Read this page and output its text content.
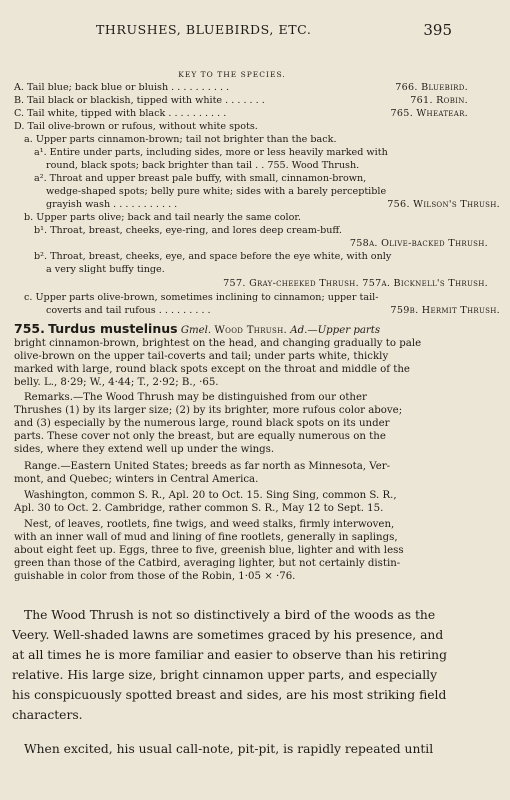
THRUSHES, BLUEBIRDS, ETC.	395
KEY TO THE SPECIES.
A. Tail blue; back blue or bluish . . . . . . . . . .	766. Bluebird.
B. Tail black or blackish, tipped with white . . . . . . .	761. Robin.
C. Tail white, tipped with black . . . . . . . . . .	765. Wheatear.
D. Tail olive-brown or rufous, without white spots.
a. Upper parts cinnamon-brown; tail not brighter than the back.
a¹. Entire under parts, including sides, more or less heavily marked with
round, black spots; back brighter than tail . . 755. Wood Thrush.
a². Throat and upper breast pale buffy, with small, cinnamon-brown,
wedge-shaped spots; belly pure white; sides with a barely perceptible
grayish wash . . . . . . . . . . .	756. Wilson's Thrush.
b. Upper parts olive; back and tail nearly the same color.
b¹. Throat, breast, cheeks, eye-ring, and lores deep cream-buff.
758a. Olive-backed Thrush.
b². Throat, breast, cheeks, eye, and space before the eye white, with only
a very slight buffy tinge.
757. Gray-cheeked Thrush. 757a. Bicknell's Thrush.
c. Upper parts olive-brown, sometimes inclining to cinnamon; upper tail-
coverts and tail rufous . . . . . . . . .	759b. Hermit Thrush.
755. Turdus mustelinus Gmel. Wood Thrush. Ad.—Upper parts
bright cinnamon-brown, brightest on the head, and changing gradually to pale
olive-brown on the upper tail-coverts and tail; under parts white, thickly
marked with large, round black spots except on the throat and middle of the
belly. L., 8·29; W., 4·44; T., 2·92; B., ·65.
Remarks.—The Wood Thrush may be distinguished from our other
Thrushes (1) by its larger size; (2) by its brighter, more rufous color above;
and (3) especially by the numerous large, round black spots on its under
parts. These cover not only the breast, but are equally numerous on the
sides, where they extend well up under the wings.
Range.—Eastern United States; breeds as far north as Minnesota, Ver-
mont, and Quebec; winters in Central America.
Washington, common S. R., Apl. 20 to Oct. 15. Sing Sing, common S. R.,
Apl. 30 to Oct. 2. Cambridge, rather common S. R., May 12 to Sept. 15.
Nest, of leaves, rootlets, fine twigs, and weed stalks, firmly interwoven,
with an inner wall of mud and lining of fine rootlets, generally in saplings,
about eight feet up. Eggs, three to five, greenish blue, lighter and with less
green than those of the Catbird, averaging lighter, but not certainly distin-
guishable in color from those of the Robin, 1·05 × ·76.
The Wood Thrush is not so distinctively a bird of the woods as the
Veery. Well-shaded lawns are sometimes graced by his presence, and
at all times he is more familiar and easier to observe than his retiring
relative. His large size, bright cinnamon upper parts, and especially
his conspicuously spotted breast and sides, are his most striking field
characters.
When excited, his usual call-note, pit-pit, is rapidly repeated until
